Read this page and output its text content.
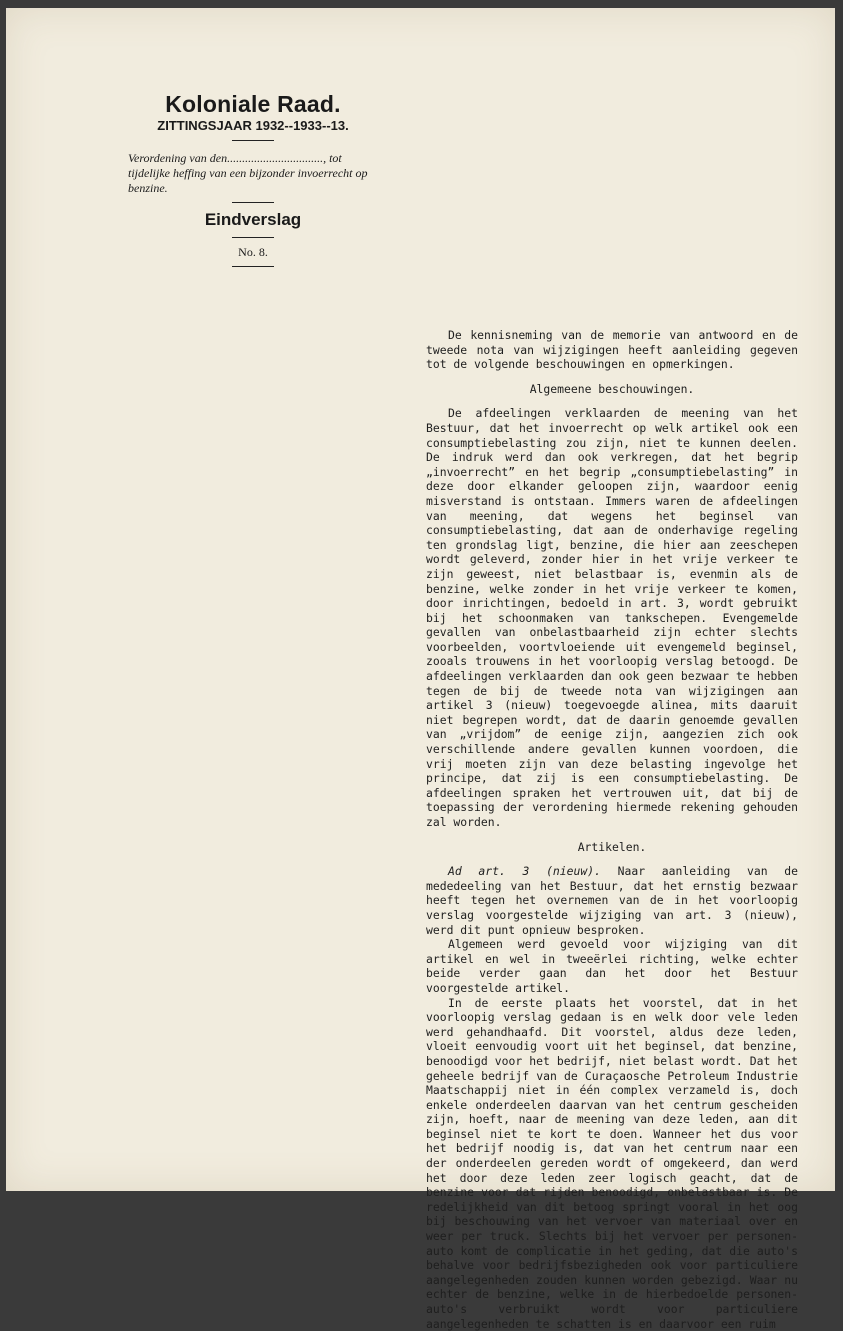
Koloniale Raad.
ZITTINGSJAAR 1932--1933--13.
Verordening van den................................, tot tijdelijke heffing van een bijzonder invoerrecht op benzine.
Eindverslag
No. 8.

De kennisneming van de memorie van antwoord en de tweede nota van wijzigingen heeft aanleiding gegeven tot de volgende beschouwingen en opmerkingen.

Algemeene beschouwingen.

De afdeelingen verklaarden de meening van het Bestuur, dat het invoerrecht op welk artikel ook een consumptiebelasting zou zijn, niet te kunnen deelen. De indruk werd dan ook verkregen, dat het begrip „invoerrecht” en het begrip „consumptiebelasting” in deze door elkander geloopen zijn, waardoor eenig misverstand is ontstaan. Immers waren de afdeelingen van meening, dat wegens het beginsel van consumptiebelasting, dat aan de onderhavige regeling ten grondslag ligt, benzine, die hier aan zeeschepen wordt geleverd, zonder hier in het vrije verkeer te zijn geweest, niet belastbaar is, evenmin als de benzine, welke zonder in het vrije verkeer te komen, door inrichtingen, bedoeld in art. 3, wordt gebruikt bij het schoonmaken van tankschepen. Evengemelde gevallen van onbelastbaarheid zijn echter slechts voorbeelden, voortvloeiende uit evengemeld beginsel, zooals trouwens in het voorloopig verslag betoogd. De afdeelingen verklaarden dan ook geen bezwaar te hebben tegen de bij de tweede nota van wijzigingen aan artikel 3 (nieuw) toegevoegde alinea, mits daaruit niet begrepen wordt, dat de daarin genoemde gevallen van „vrijdom” de eenige zijn, aangezien zich ook verschillende andere gevallen kunnen voordoen, die vrij moeten zijn van deze belasting ingevolge het principe, dat zij is een consumptiebelasting. De afdeelingen spraken het vertrouwen uit, dat bij de toepassing der verordening hiermede rekening gehouden zal worden.

Artikelen.

Ad art. 3 (nieuw). Naar aanleiding van de mededeeling van het Bestuur, dat het ernstig bezwaar heeft tegen het overnemen van de in het voorloopig verslag voorgestelde wijziging van art. 3 (nieuw), werd dit punt opnieuw besproken.

Algemeen werd gevoeld voor wijziging van dit artikel en wel in tweeërlei richting, welke echter beide verder gaan dan het door het Bestuur voorgestelde artikel.

In de eerste plaats het voorstel, dat in het voorloopig verslag gedaan is en welk door vele leden werd gehandhaafd. Dit voorstel, aldus deze leden, vloeit eenvoudig voort uit het beginsel, dat benzine, benoodigd voor het bedrijf, niet belast wordt. Dat het geheele bedrijf van de Curaçaosche Petroleum Industrie Maatschappij niet in één complex verzameld is, doch enkele onderdeelen daarvan van het centrum gescheiden zijn, hoeft, naar de meening van deze leden, aan dit beginsel niet te kort te doen. Wanneer het dus voor het bedrijf noodig is, dat van het centrum naar een der onderdeelen gereden wordt of omgekeerd, dan werd het door deze leden zeer logisch geacht, dat de benzine voor dat rijden benoodigd, onbelastbaar is. De redelijkheid van dit betoog springt vooral in het oog bij beschouwing van het vervoer van materiaal over en weer per truck. Slechts bij het vervoer per personen-auto komt de complicatie in het geding, dat die auto's behalve voor bedrijfsbezigheden ook voor particuliere aangelegenheden zouden kunnen worden gebezigd. Waar nu echter de benzine, welke in de hierbedoelde personen-auto's verbruikt wordt voor particuliere aangelegenheden te schatten is en daarvoor een ruim
